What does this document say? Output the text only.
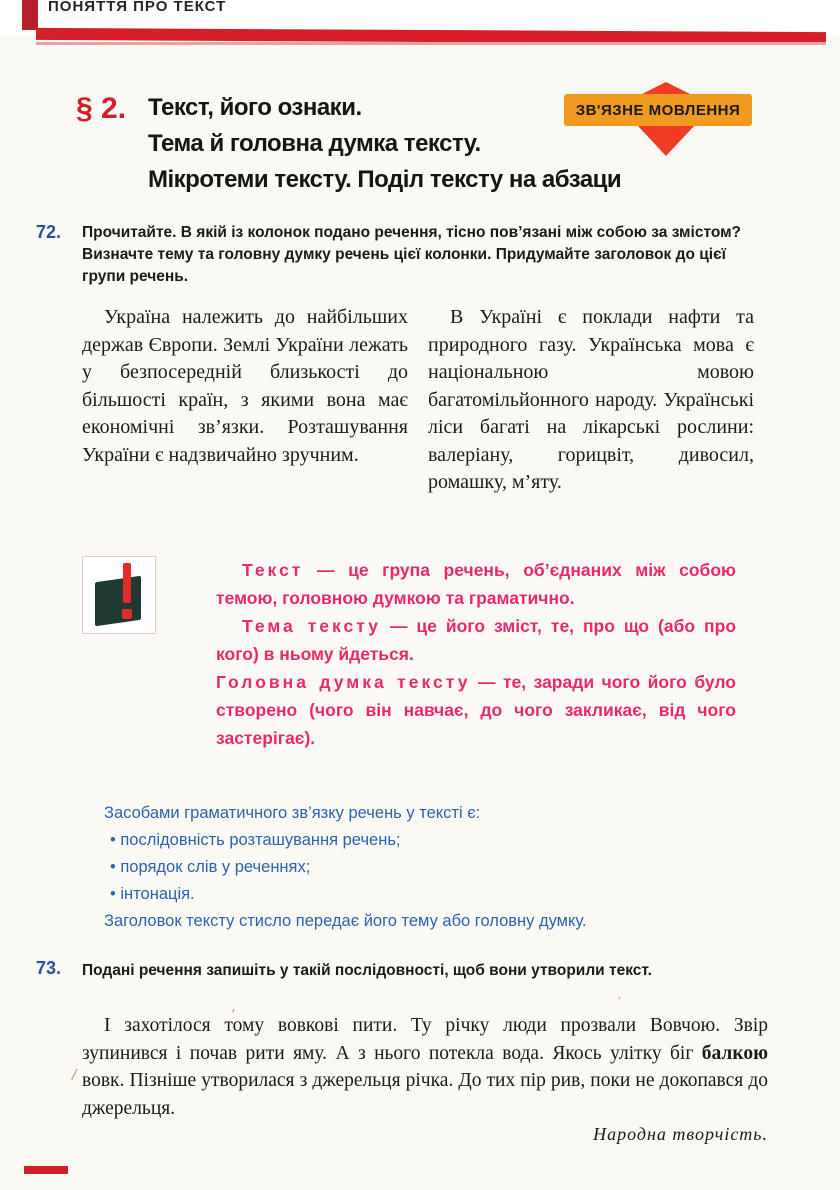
ПОНЯТТЯ ПРО ТЕКСТ
§ 2. Текст, його ознаки.
Тема й головна думка тексту.
Мікротеми тексту. Поділ тексту на абзаци
ЗВ'ЯЗНЕ МОВЛЕННЯ
72. Прочитайте. В якій із колонок подано речення, тісно пов’язані між собою за змістом? Визначте тему та головну думку речень цієї колонки. Придумайте заголовок до цієї групи речень.

Україна належить до найбільших держав Європи. Землі України лежать у безпосередній близькості до більшості країн, з якими вона має економічні зв’язки. Розташування України є надзвичайно зручним.

В Україні є поклади нафти та природного газу. Українська мова є національною мовою багатомільйонного народу. Українські ліси багаті на лікарські рослини: валеріану, горицвіт, дивосил, ромашку, м’яту.

Текст — це група речень, об’єднаних між собою темою, головною думкою та граматично.

Тема тексту — це його зміст, те, про що (або про кого) в ньому йдеться.

Головна думка тексту — те, заради чого його було створено (чого він навчає, до чого закликає, від чого застерігає).

Засобами граматичного зв’язку речень у тексті є:
• послідовність розташування речень;
• порядок слів у реченнях;
• інтонація.
Заголовок тексту стисло передає його тему або головну думку.
73. Подані речення запишіть у такій послідовності, щоб вони утворили текст.

І захотілося тому вовкові пити. Ту річку люди прозвали Вовчою. Звір зупинився і почав рити яму. А з нього потекла вода. Якось улітку біг балкою вовк. Пізніше утворилася з джерельця річка. До тих пір рив, поки не докопався до джерельця.

Народна творчість.
/
,	′
